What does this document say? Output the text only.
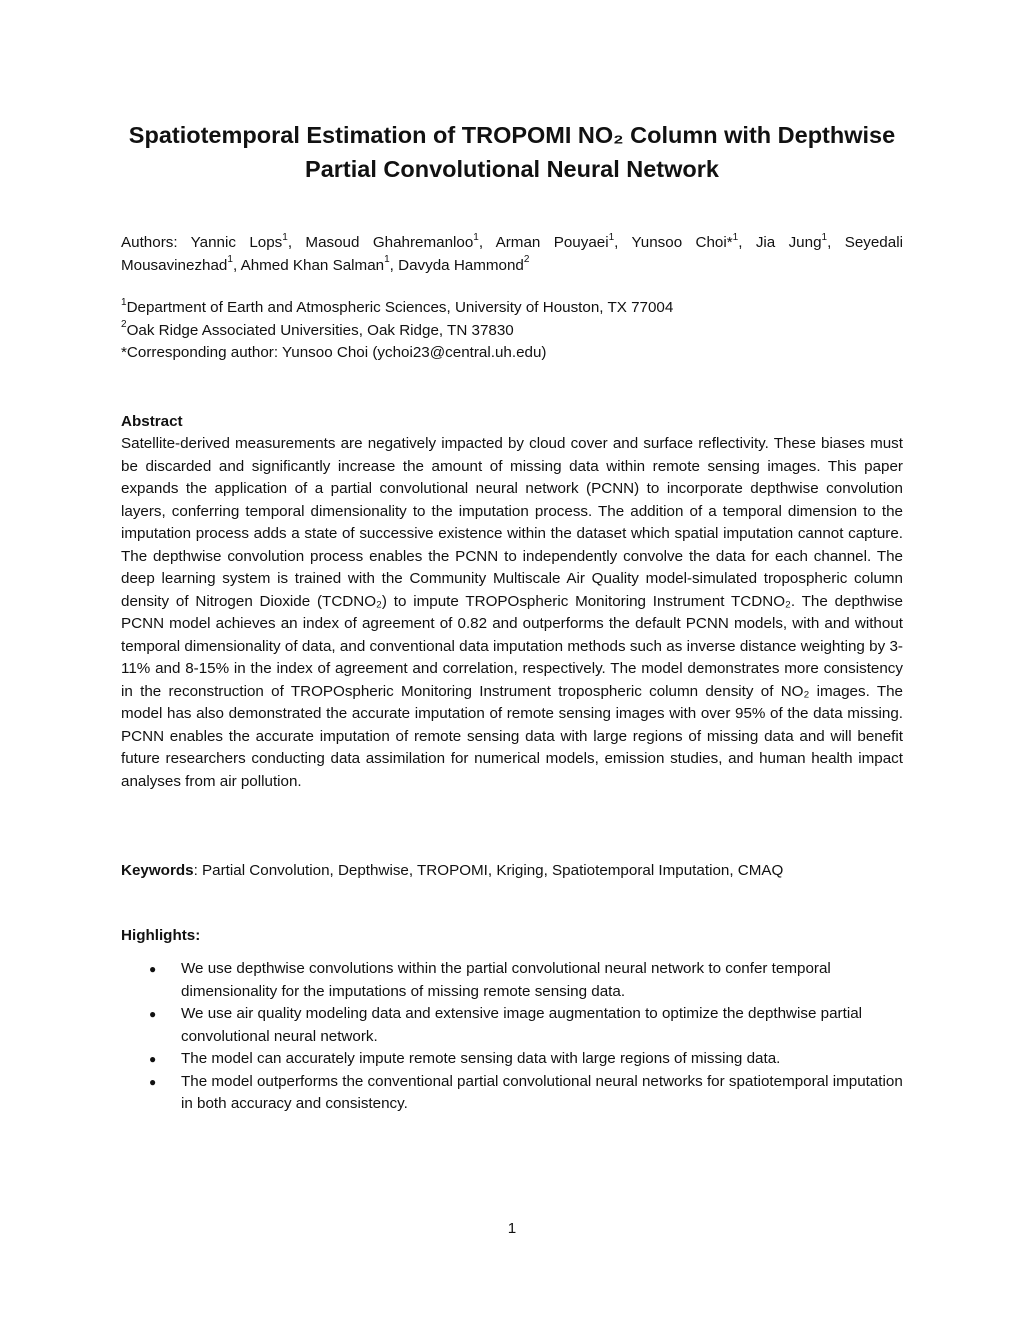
Spatiotemporal Estimation of TROPOMI NO₂ Column with Depthwise
Partial Convolutional Neural Network
Authors: Yannic Lops$^1$, Masoud Ghahremanloo$^1$, Arman Pouyaei$^1$, Yunsoo Choi*$^1$, Jia Jung$^1$, Seyedali Mousavinezhad$^1$, Ahmed Khan Salman$^1$, Davyda Hammond$^2$
$^1$Department of Earth and Atmospheric Sciences, University of Houston, TX 77004
$^2$Oak Ridge Associated Universities, Oak Ridge, TN 37830
*Corresponding author: Yunsoo Choi (ychoi23@central.uh.edu)
Abstract
Satellite-derived measurements are negatively impacted by cloud cover and surface reflectivity. These biases must be discarded and significantly increase the amount of missing data within remote sensing images. This paper expands the application of a partial convolutional neural network (PCNN) to incorporate depthwise convolution layers, conferring temporal dimensionality to the imputation process. The addition of a temporal dimension to the imputation process adds a state of successive existence within the dataset which spatial imputation cannot capture. The depthwise convolution process enables the PCNN to independently convolve the data for each channel. The deep learning system is trained with the Community Multiscale Air Quality model-simulated tropospheric column density of Nitrogen Dioxide (TCDNO₂) to impute TROPOspheric Monitoring Instrument TCDNO₂. The depthwise PCNN model achieves an index of agreement of 0.82 and outperforms the default PCNN models, with and without temporal dimensionality of data, and conventional data imputation methods such as inverse distance weighting by 3-11% and 8-15% in the index of agreement and correlation, respectively. The model demonstrates more consistency in the reconstruction of TROPOspheric Monitoring Instrument tropospheric column density of NO₂ images. The model has also demonstrated the accurate imputation of remote sensing images with over 95% of the data missing. PCNN enables the accurate imputation of remote sensing data with large regions of missing data and will benefit future researchers conducting data assimilation for numerical models, emission studies, and human health impact analyses from air pollution.
Keywords: Partial Convolution, Depthwise, TROPOMI, Kriging, Spatiotemporal Imputation, CMAQ
Highlights:
● We use depthwise convolutions within the partial convolutional neural network to confer temporal dimensionality for the imputations of missing remote sensing data.
● We use air quality modeling data and extensive image augmentation to optimize the depthwise partial convolutional neural network.
● The model can accurately impute remote sensing data with large regions of missing data.
● The model outperforms the conventional partial convolutional neural networks for spatiotemporal imputation in both accuracy and consistency.
1
